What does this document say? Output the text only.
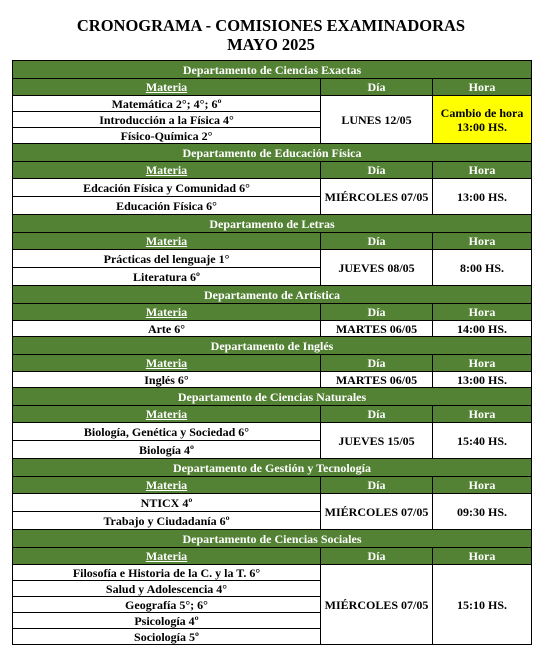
CRONOGRAMA - COMISIONES EXAMINADORAS
MAYO 2025
Departamento de Ciencias Exactas		
Materia	Día	Hora
Matemática 2°; 4°; 6º	LUNES 12/05	Cambio de hora
13:00 HS.

Introducción a la Física 4°		
Físico-Química 2°		
Departamento de Educación Física		
Materia	Día	Hora
Edcación Física y Comunidad 6°	MIÉRCOLES 07/05	13:00 HS.
Educación Física 6°		
Departamento de Letras		
Materia	Día	Hora
Prácticas del lenguaje 1°	JUEVES 08/05	8:00 HS.
Literatura 6º		
Departamento de Artística		
Materia	Día	Hora
Arte 6°	MARTES 06/05	14:00 HS.
Departamento de Inglés		
Materia	Día	Hora
Inglés 6°	MARTES 06/05	13:00 HS.
Departamento de Ciencias Naturales		
Materia	Día	Hora
Biología, Genética y Sociedad 6°	JUEVES 15/05	15:40 HS.
Biología 4º		
Departamento de Gestión y Tecnología		
Materia	Día	Hora
NTICX 4º	MIÉRCOLES 07/05	09:30 HS.
Trabajo y Ciudadanía 6º		
Departamento de Ciencias Sociales		
Materia	Día	Hora
Filosofía e Historia de la C. y la T. 6°	MIÉRCOLES 07/05	15:10 HS.
Salud y Adolescencia 4°		
Geografía 5°; 6°		
Psicología 4º		
Sociología 5º		
